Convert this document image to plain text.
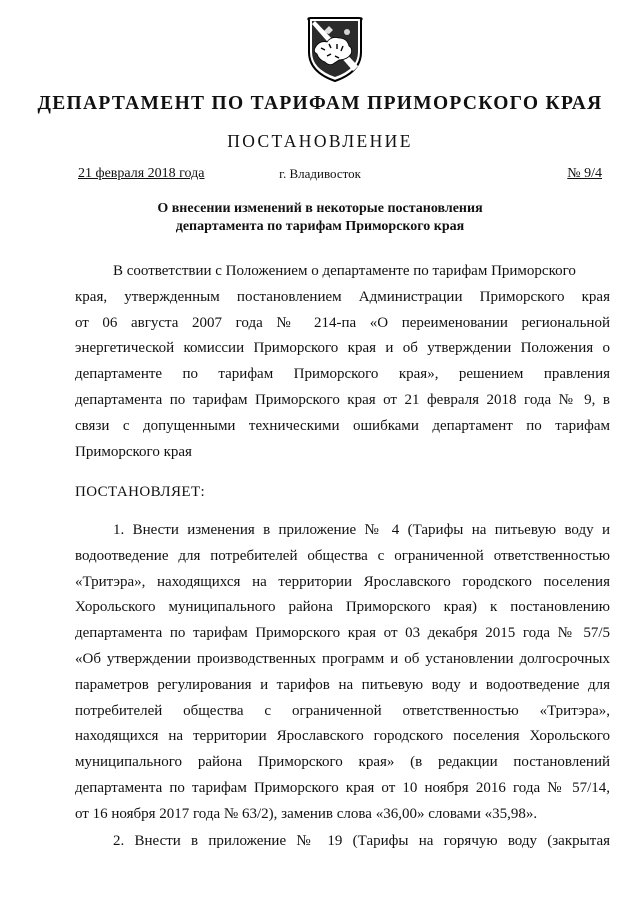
ДЕПАРТАМЕНТ ПО ТАРИФАМ ПРИМОРСКОГО КРАЯ
ПОСТАНОВЛЕНИЕ
21 февраля 2018 года	г. Владивосток	№ 9/4
О внесении изменений в некоторые постановления
департамента по тарифам Приморского края
В соответствии с Положением о департаменте по тарифам Приморского
края, утвержденным постановлением Администрации Приморского края
от 06 августа 2007 года № 214-па «О переименовании региональной
энергетической комиссии Приморского края и об утверждении Положения о
департаменте по тарифам Приморского края», решением правления
департамента по тарифам Приморского края от 21 февраля 2018 года № 9, в
связи с допущенными техническими ошибками департамент по тарифам
Приморского края
ПОСТАНОВЛЯЕТ:
1. Внести изменения в приложение № 4 (Тарифы на питьевую воду и
водоотведение для потребителей общества с ограниченной ответственностью
«Тритэра», находящихся на территории Ярославского городского поселения
Хорольского муниципального района Приморского края) к постановлению
департамента по тарифам Приморского края от 03 декабря 2015 года № 57/5
«Об утверждении производственных программ и об установлении долгосрочных
параметров регулирования и тарифов на питьевую воду и водоотведение для
потребителей общества с ограниченной ответственностью «Тритэра»,
находящихся на территории Ярославского городского поселения Хорольского
муниципального района Приморского края» (в редакции постановлений
департамента по тарифам Приморского края от 10 ноября 2016 года № 57/14,
от 16 ноября 2017 года № 63/2), заменив слова «36,00» словами «35,98».
2. Внести в приложение № 19 (Тарифы на горячую воду (закрытая
